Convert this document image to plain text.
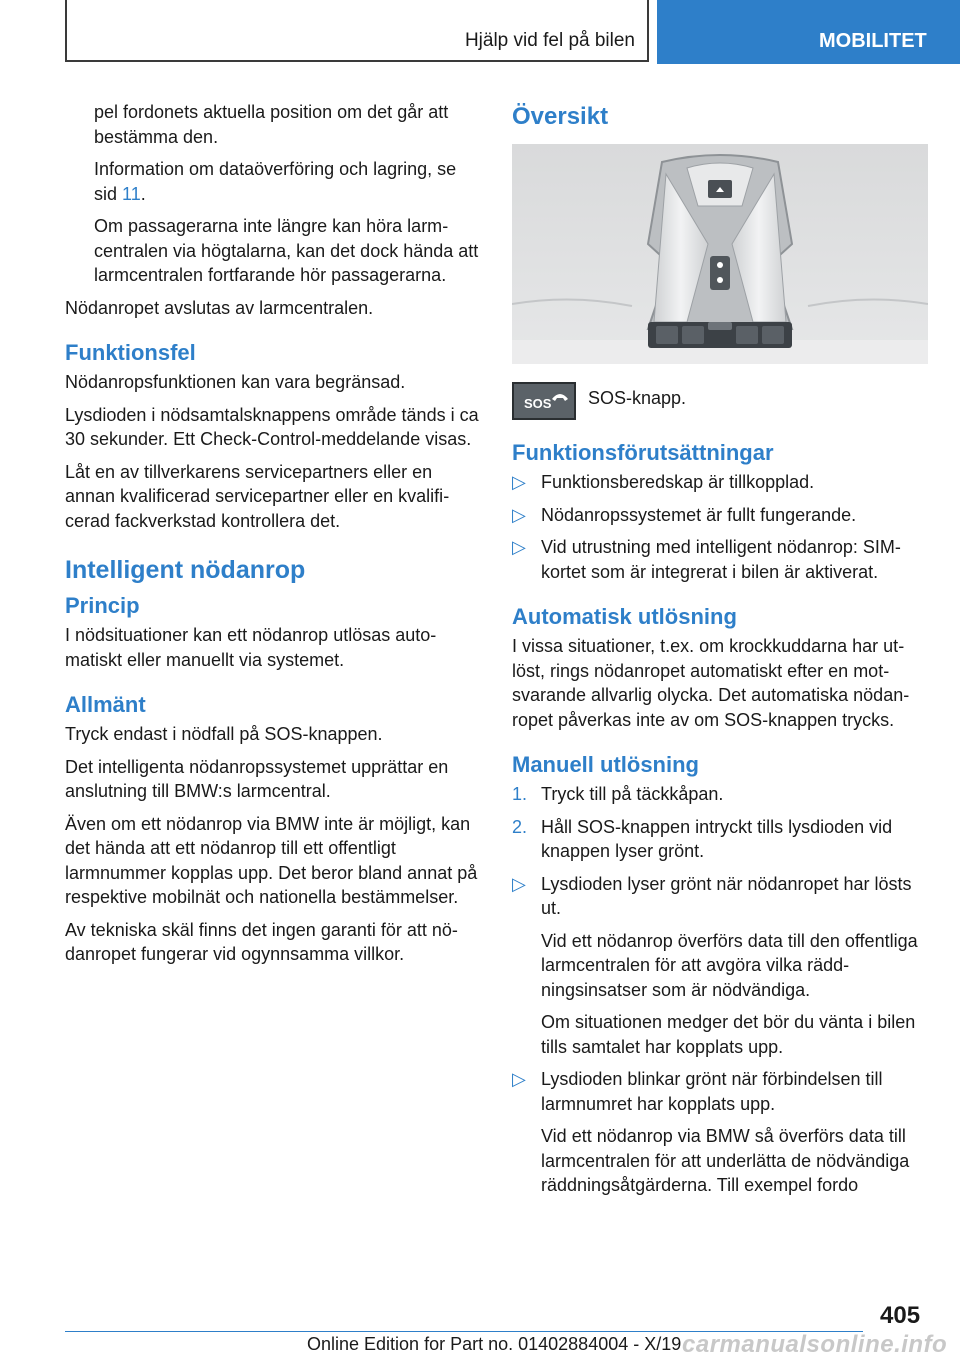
Hjälp vid fel på bilen	MOBILITET

pel fordonets aktuella position om det går att bestämma den.

Information om dataöverföring och lagring, se sid 11.

Om passagerarna inte längre kan höra larmcentralen via högtalarna, kan det dock hända att larmcentralen fortfarande hör passagerarna.

Nödanropet avslutas av larmcentralen.

Funktionsfel

Nödanropsfunktionen kan vara begränsad.

Lysdioden i nödsamtalsknappens område tänds i ca 30 sekunder. Ett Check-Control-meddelande visas.

Låt en av tillverkarens servicepartners eller en annan kvalificerad servicepartner eller en kvalificerad fackverkstad kontrollera det.

Intelligent nödanrop
Princip

I nödsituationer kan ett nödanrop utlösas automatiskt eller manuellt via systemet.

Allmänt

Tryck endast i nödfall på SOS-knappen.

Det intelligenta nödanropssystemet upprättar en anslutning till BMW:s larmcentral.

Även om ett nödanrop via BMW inte är möjligt, kan det hända att ett nödanrop till ett offentligt larmnummer kopplas upp. Det beror bland annat på respektive mobilnät och nationella bestämmelser.

Av tekniska skäl finns det ingen garanti för att nödanropet fungerar vid ogynnsamma villkor.

Översikt
SOS SOS-knapp.
Funktionsförutsättningar
▷ Funktionsberedskap är tillkopplad.
▷ Nödanropssystemet är fullt fungerande.
▷ Vid utrustning med intelligent nödanrop: SIM-kortet som är integrerat i bilen är aktiverat.
Automatisk utlösning

I vissa situationer, t.ex. om krockkuddarna har utlöst, rings nödanropet automatiskt efter en motsvarande allvarlig olycka. Det automatiska nödanropet påverkas inte av om SOS-knappen trycks.

Manuell utlösning
1. Tryck till på täckkåpan.
2. Håll SOS-knappen intryckt tills lysdioden vid knappen lyser grönt.
▷ Lysdioden lyser grönt när nödanropet har lösts ut.

Vid ett nödanrop överförs data till den offentliga larmcentralen för att avgöra vilka räddningsinsatser som är nödvändiga.

Om situationen medger det bör du vänta i bilen tills samtalet har kopplats upp.

▷ Lysdioden blinkar grönt när förbindelsen till larmnumret har kopplats upp.

Vid ett nödanrop via BMW så överförs data till larmcentralen för att underlätta de nödvändiga räddningsåtgärderna. Till exempel fordo

405
Online Edition for Part no. 01402884004 - X/19 carmanualsonline.info
